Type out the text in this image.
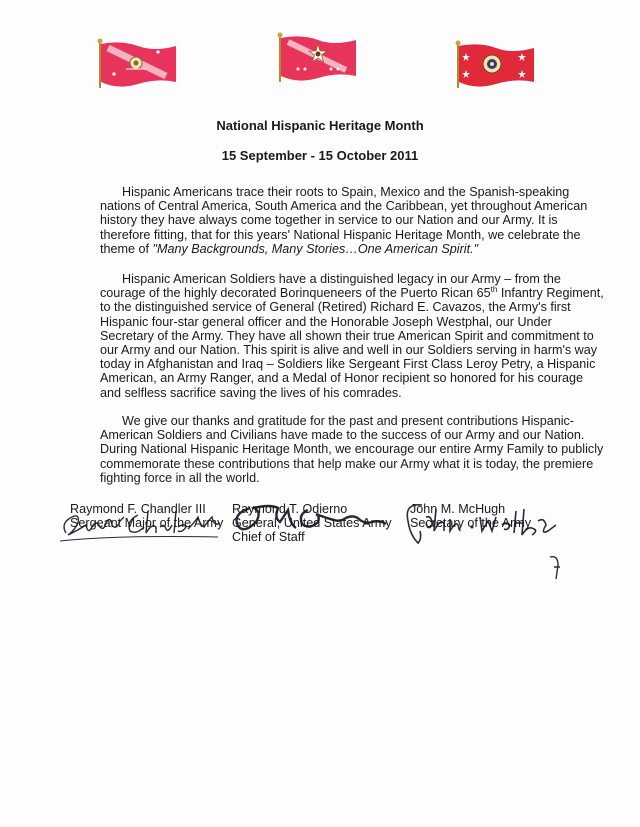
National Hispanic Heritage Month
15 September - 15 October 2011

Hispanic Americans trace their roots to Spain, Mexico and the Spanish-speaking nations of Central America, South America and the Caribbean, yet throughout American history they have always come together in service to our Nation and our Army. It is therefore fitting, that for this years' National Hispanic Heritage Month, we celebrate the theme of "Many Backgrounds, Many Stories…One American Spirit."

Hispanic American Soldiers have a distinguished legacy in our Army – from the courage of the highly decorated Borinqueneers of the Puerto Rican 65th Infantry Regiment, to the distinguished service of General (Retired) Richard E. Cavazos, the Army's first Hispanic four-star general officer and the Honorable Joseph Westphal, our Under Secretary of the Army. They have all shown their true American Spirit and commitment to our Army and our Nation. This spirit is alive and well in our Soldiers serving in harm's way today in Afghanistan and Iraq – Soldiers like Sergeant First Class Leroy Petry, a Hispanic American, an Army Ranger, and a Medal of Honor recipient so honored for his courage and selfless sacrifice saving the lives of his comrades.

We give our thanks and gratitude for the past and present contributions Hispanic-American Soldiers and Civilians have made to the success of our Army and our Nation. During National Hispanic Heritage Month, we encourage our entire Army Family to publicly commemorate these contributions that help make our Army what it is today, the premiere fighting force in all the world.

Raymond F. Chandler III
Sergeant Major of the Army
Raymond T. Odierno
General, United States Army
Chief of Staff
John M. McHugh
Secretary of the Army
